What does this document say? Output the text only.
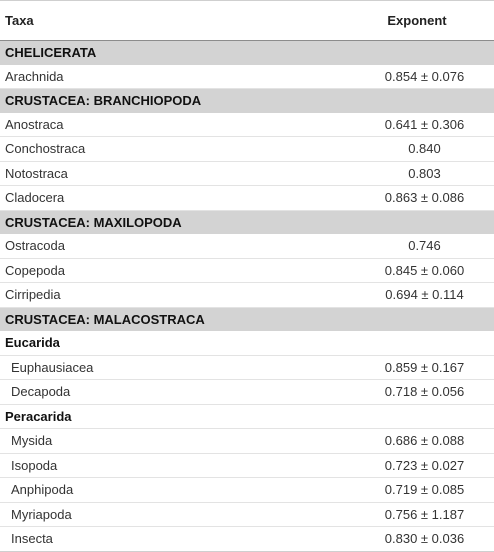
Taxa	Exponent
CHELICERATA	
Arachnida	0.854 ± 0.076
CRUSTACEA: BRANCHIOPODA	
Anostraca	0.641 ± 0.306
Conchostraca	0.840
Notostraca	0.803
Cladocera	0.863 ± 0.086
CRUSTACEA: MAXILOPODA	
Ostracoda	0.746
Copepoda	0.845 ± 0.060
Cirripedia	0.694 ± 0.114
CRUSTACEA: MALACOSTRACA	
Eucarida	
Euphausiacea	0.859 ± 0.167
Decapoda	0.718 ± 0.056
Peracarida	
Mysida	0.686 ± 0.088
Isopoda	0.723 ± 0.027
Anphipoda	0.719 ± 0.085
Myriapoda	0.756 ± 1.187
Insecta	0.830 ± 0.036
